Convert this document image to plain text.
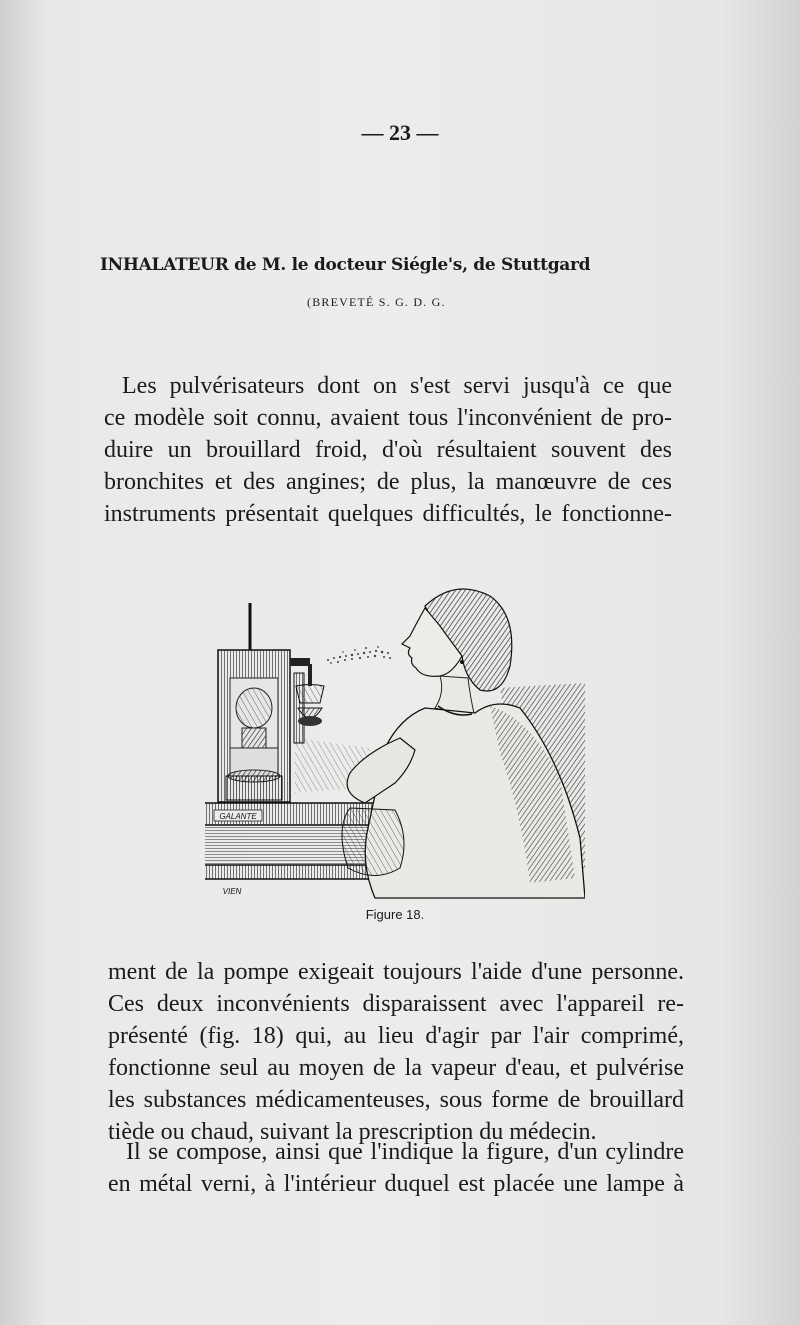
— 23 —
INHALATEUR de M. le docteur Siégle's, de Stuttgard
(BREVETÉ S. G. D. G.

Les pulvérisateurs dont on s'est servi jusqu'à ce que
ce modèle soit connu, avaient tous l'inconvénient de pro-
duire un brouillard froid, d'où résultaient souvent des
bronchites et des angines; de plus, la manœuvre de ces
instruments présentait quelques difficultés, le fonctionne-

GALANTE
VIEN
Figure 18.

ment de la pompe exigeait toujours l'aide d'une personne.
Ces deux inconvénients disparaissent avec l'appareil re-
présenté (fig. 18) qui, au lieu d'agir par l'air comprimé,
fonctionne seul au moyen de la vapeur d'eau, et pulvérise
les substances médicamenteuses, sous forme de brouillard
tiède ou chaud, suivant la prescription du médecin.

Il se compose, ainsi que l'indique la figure, d'un cylindre
en métal verni, à l'intérieur duquel est placée une lampe à
